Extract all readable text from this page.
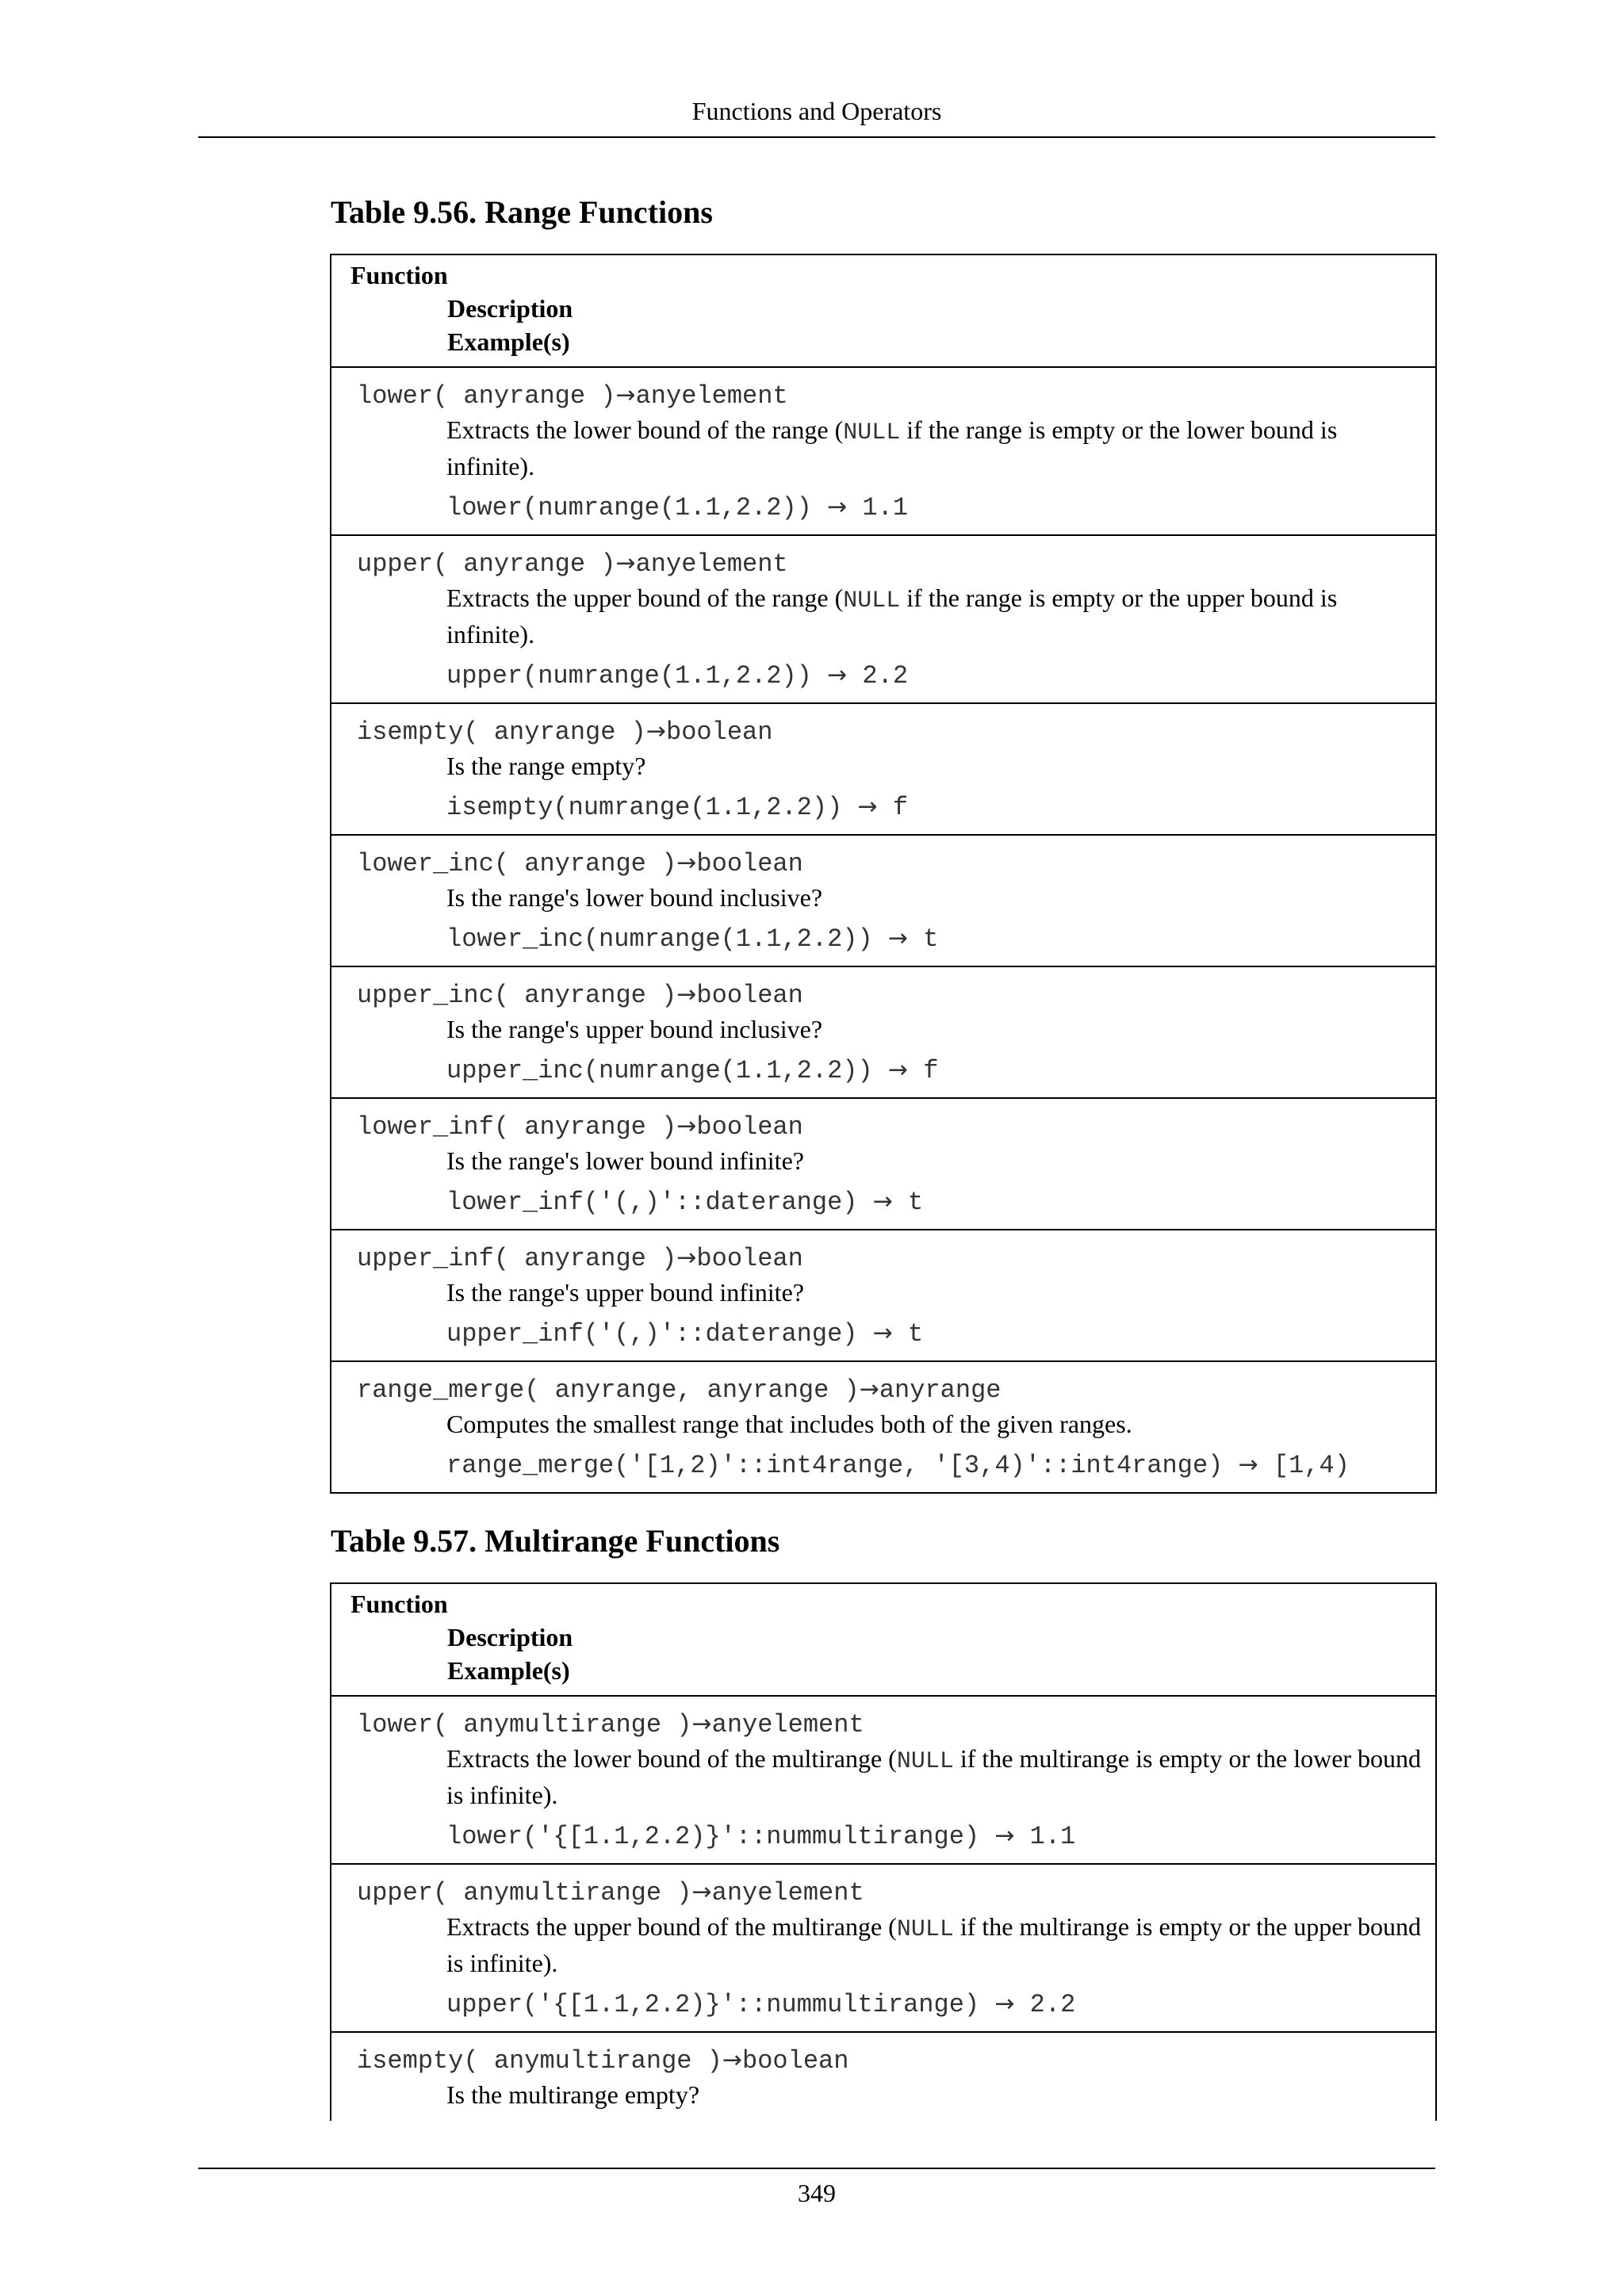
Functions and Operators
Table 9.56. Range Functions
Function
Description
Example(s)
lower( anyrange )→anyelement
Extracts the lower bound of the range (NULL if the range is empty or the lower bound is infinite).
lower(numrange(1.1,2.2)) → 1.1
upper( anyrange )→anyelement
Extracts the upper bound of the range (NULL if the range is empty or the upper bound is infinite).
upper(numrange(1.1,2.2)) → 2.2
isempty( anyrange )→boolean
Is the range empty?
isempty(numrange(1.1,2.2)) → f
lower_inc( anyrange )→boolean
Is the range's lower bound inclusive?
lower_inc(numrange(1.1,2.2)) → t
upper_inc( anyrange )→boolean
Is the range's upper bound inclusive?
upper_inc(numrange(1.1,2.2)) → f
lower_inf( anyrange )→boolean
Is the range's lower bound infinite?
lower_inf('(,)'::daterange) → t
upper_inf( anyrange )→boolean
Is the range's upper bound infinite?
upper_inf('(,)'::daterange) → t
range_merge( anyrange, anyrange )→anyrange
Computes the smallest range that includes both of the given ranges.
range_merge('[1,2)'::int4range, '[3,4)'::int4range) → [1,4)
Table 9.57. Multirange Functions
Function
Description
Example(s)
lower( anymultirange )→anyelement
Extracts the lower bound of the multirange (NULL if the multirange is empty or the lower bound is infinite).
lower('{[1.1,2.2)}'::nummultirange) → 1.1
upper( anymultirange )→anyelement
Extracts the upper bound of the multirange (NULL if the multirange is empty or the upper bound is infinite).
upper('{[1.1,2.2)}'::nummultirange) → 2.2
isempty( anymultirange )→boolean
Is the multirange empty?
349
